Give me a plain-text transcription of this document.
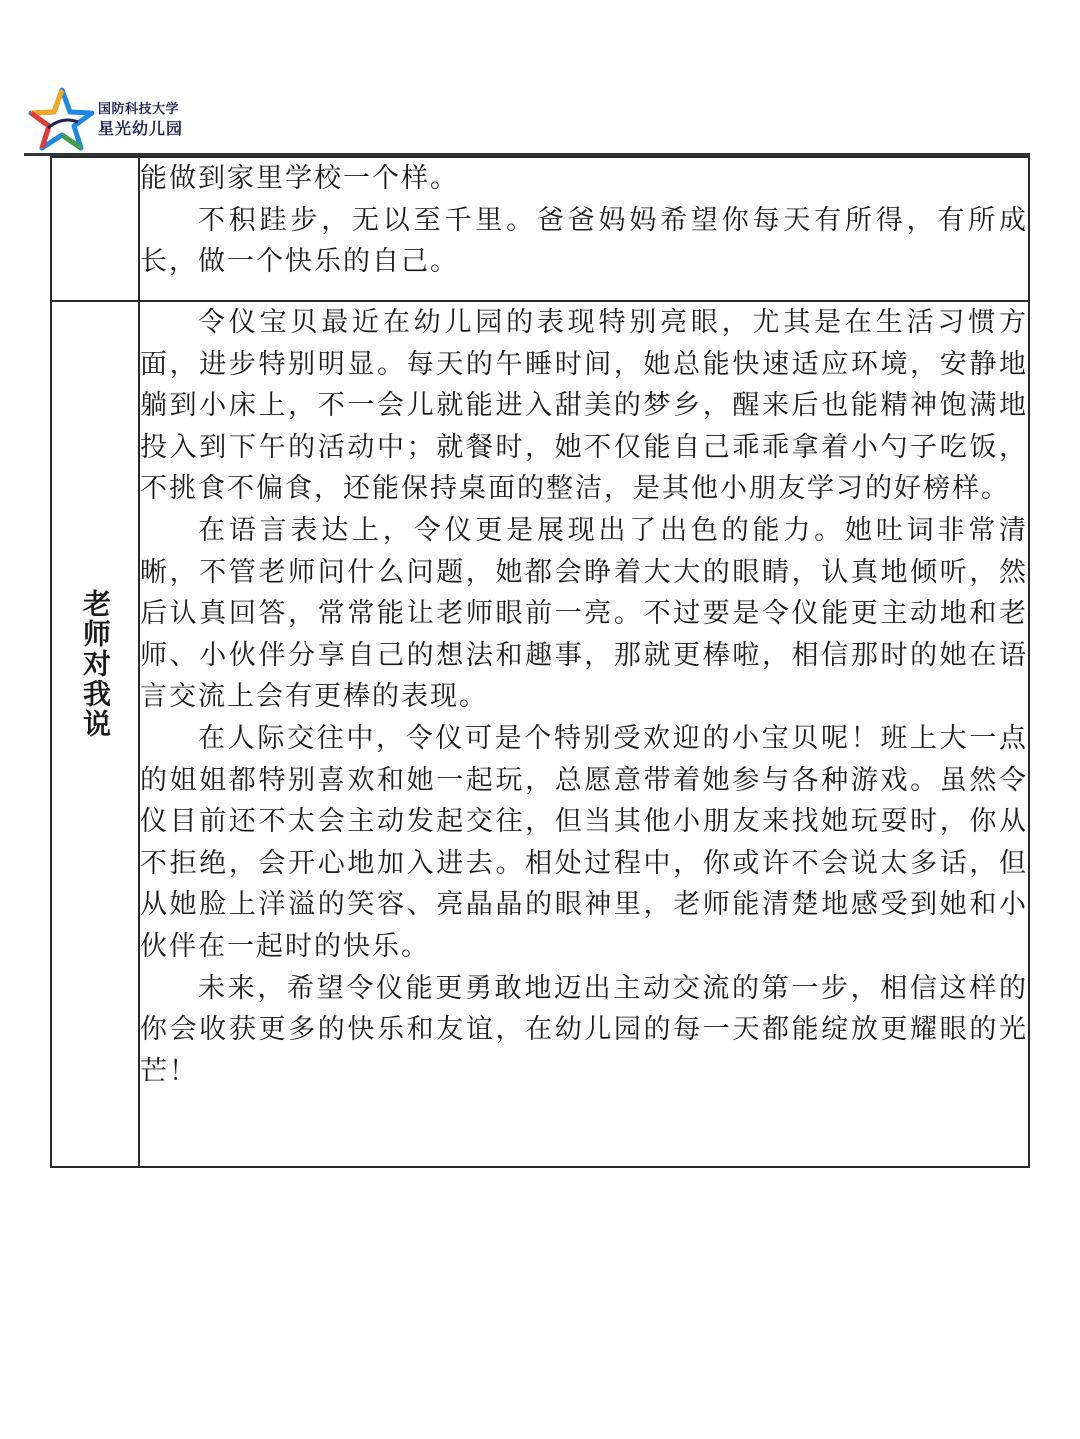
国防科技大学
星光幼儿园

	能做到家里学校一个样。

不积跬步，无以至千里。爸爸妈妈希望你每天有所得，有所成长，做一个快乐的自己。

老师对我说	令仪宝贝最近在幼儿园的表现特别亮眼，尤其是在生活习惯方面，进步特别明显。每天的午睡时间，她总能快速适应环境，安静地躺到小床上，不一会儿就能进入甜美的梦乡，醒来后也能精神饱满地投入到下午的活动中；就餐时，她不仅能自己乖乖拿着小勺子吃饭，不挑食不偏食，还能保持桌面的整洁，是其他小朋友学习的好榜样。

在语言表达上，令仪更是展现出了出色的能力。她吐词非常清晰，不管老师问什么问题，她都会睁着大大的眼睛，认真地倾听，然后认真回答，常常能让老师眼前一亮。不过要是令仪能更主动地和老师、小伙伴分享自己的想法和趣事，那就更棒啦，相信那时的她在语言交流上会有更棒的表现。

在人际交往中，令仪可是个特别受欢迎的小宝贝呢！班上大一点的姐姐都特别喜欢和她一起玩，总愿意带着她参与各种游戏。虽然令仪目前还不太会主动发起交往，但当其他小朋友来找她玩耍时，你从不拒绝，会开心地加入进去。相处过程中，你或许不会说太多话，但从她脸上洋溢的笑容、亮晶晶的眼神里，老师能清楚地感受到她和小伙伴在一起时的快乐。

未来，希望令仪能更勇敢地迈出主动交流的第一步，相信这样的你会收获更多的快乐和友谊，在幼儿园的每一天都能绽放更耀眼的光芒！
